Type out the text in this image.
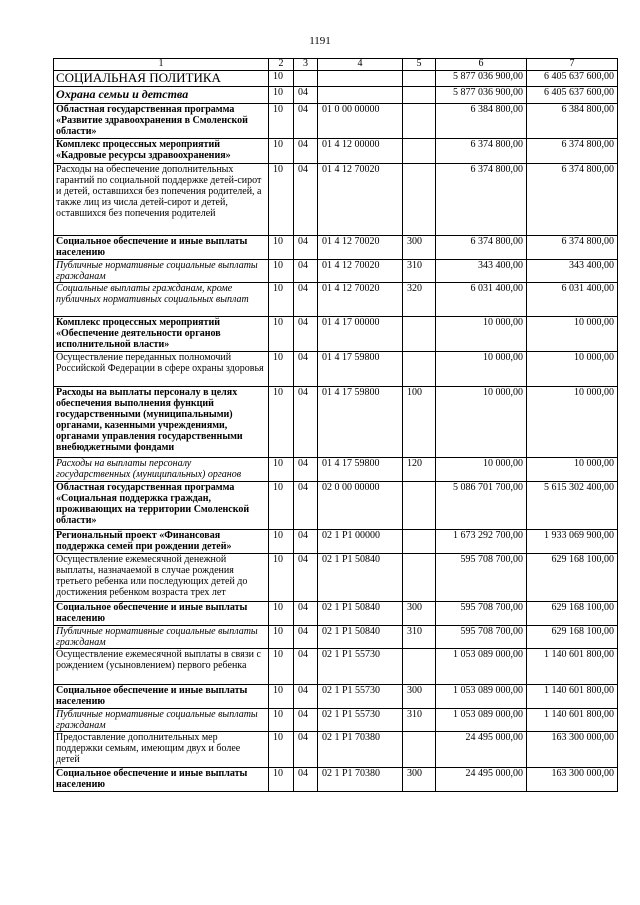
1191
1	2	3	4	5	6	7
СОЦИАЛЬНАЯ ПОЛИТИКА	10				5 877 036 900,00	6 405 637 600,00
Охрана семьи и детства	10	04			5 877 036 900,00	6 405 637 600,00
Областная государственная программа «Развитие здравоохранения в Смоленской области»	10	04	01 0 00 00000		6 384 800,00	6 384 800,00
Комплекс процессных мероприятий «Кадровые ресурсы здравоохранения»	10	04	01 4 12 00000		6 374 800,00	6 374 800,00
Расходы на обеспечение дополнительных гарантий по социальной поддержке детей-сирот и детей, оставшихся без попечения родителей, а также лиц из числа детей-сирот и детей, оставшихся без попечения родителей	10	04	01 4 12 70020		6 374 800,00	6 374 800,00
Социальное обеспечение и иные выплаты населению	10	04	01 4 12 70020	300	6 374 800,00	6 374 800,00
Публичные нормативные социальные выплаты гражданам	10	04	01 4 12 70020	310	343 400,00	343 400,00
Социальные выплаты гражданам, кроме публичных нормативных социальных выплат	10	04	01 4 12 70020	320	6 031 400,00	6 031 400,00
Комплекс процессных мероприятий «Обеспечение деятельности органов исполнительной власти»	10	04	01 4 17 00000		10 000,00	10 000,00
Осуществление переданных полномочий Российской Федерации в сфере охраны здоровья	10	04	01 4 17 59800		10 000,00	10 000,00
Расходы на выплаты персоналу в целях обеспечения выполнения функций государственными (муниципальными) органами, казенными учреждениями, органами управления государственными внебюджетными фондами	10	04	01 4 17 59800	100	10 000,00	10 000,00
Расходы на выплаты персоналу государственных (муниципальных) органов	10	04	01 4 17 59800	120	10 000,00	10 000,00
Областная государственная программа «Социальная поддержка граждан, проживающих на территории Смоленской области»	10	04	02 0 00 00000		5 086 701 700,00	5 615 302 400,00
Региональный проект «Финансовая поддержка семей при рождении детей»	10	04	02 1 P1 00000		1 673 292 700,00	1 933 069 900,00
Осуществление ежемесячной денежной выплаты, назначаемой в случае рождения третьего ребенка или последующих детей до достижения ребенком возраста трех лет	10	04	02 1 P1 50840		595 708 700,00	629 168 100,00
Социальное обеспечение и иные выплаты населению	10	04	02 1 P1 50840	300	595 708 700,00	629 168 100,00
Публичные нормативные социальные выплаты гражданам	10	04	02 1 P1 50840	310	595 708 700,00	629 168 100,00
Осуществление ежемесячной выплаты в связи с рождением (усыновлением) первого ребенка	10	04	02 1 P1 55730		1 053 089 000,00	1 140 601 800,00
Социальное обеспечение и иные выплаты населению	10	04	02 1 P1 55730	300	1 053 089 000,00	1 140 601 800,00
Публичные нормативные социальные выплаты гражданам	10	04	02 1 P1 55730	310	1 053 089 000,00	1 140 601 800,00
Предоставление дополнительных мер поддержки семьям, имеющим двух и более детей	10	04	02 1 P1 70380		24 495 000,00	163 300 000,00
Социальное обеспечение и иные выплаты населению	10	04	02 1 P1 70380	300	24 495 000,00	163 300 000,00
